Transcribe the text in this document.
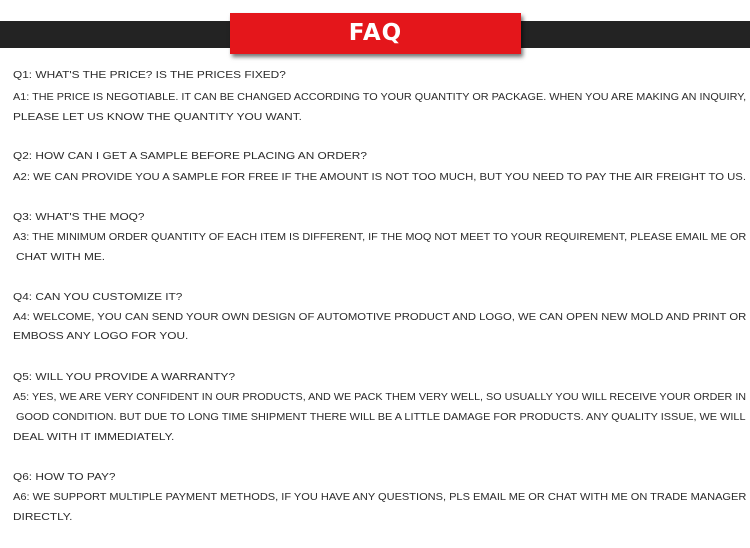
FAQ

Q1: WHAT'S THE PRICE? IS THE PRICES FIXED?

A1: THE PRICE IS NEGOTIABLE. IT CAN BE CHANGED ACCORDING TO YOUR QUANTITY OR PACKAGE. WHEN YOU ARE MAKING AN INQUIRY,

PLEASE LET US KNOW THE QUANTITY YOU WANT.

Q2: HOW CAN I GET A SAMPLE BEFORE PLACING AN ORDER?

A2: WE CAN PROVIDE YOU A SAMPLE FOR FREE IF THE AMOUNT IS NOT TOO MUCH, BUT YOU NEED TO PAY THE AIR FREIGHT TO US.

Q3: WHAT'S THE MOQ?

A3: THE MINIMUM ORDER QUANTITY OF EACH ITEM IS DIFFERENT, IF THE MOQ NOT MEET TO YOUR REQUIREMENT, PLEASE EMAIL ME OR

CHAT WITH ME.

Q4: CAN YOU CUSTOMIZE IT?

A4: WELCOME, YOU CAN SEND YOUR OWN DESIGN OF AUTOMOTIVE PRODUCT AND LOGO, WE CAN OPEN NEW MOLD AND PRINT OR

EMBOSS ANY LOGO FOR YOU.

Q5: WILL YOU PROVIDE A WARRANTY?

A5: YES, WE ARE VERY CONFIDENT IN OUR PRODUCTS, AND WE PACK THEM VERY WELL, SO USUALLY YOU WILL RECEIVE YOUR ORDER IN

GOOD CONDITION. BUT DUE TO LONG TIME SHIPMENT THERE WILL BE A LITTLE DAMAGE FOR PRODUCTS. ANY QUALITY ISSUE, WE WILL

DEAL WITH IT IMMEDIATELY.

Q6: HOW TO PAY?

A6: WE SUPPORT MULTIPLE PAYMENT METHODS, IF YOU HAVE ANY QUESTIONS, PLS EMAIL ME OR CHAT WITH ME ON TRADE MANAGER

DIRECTLY.
